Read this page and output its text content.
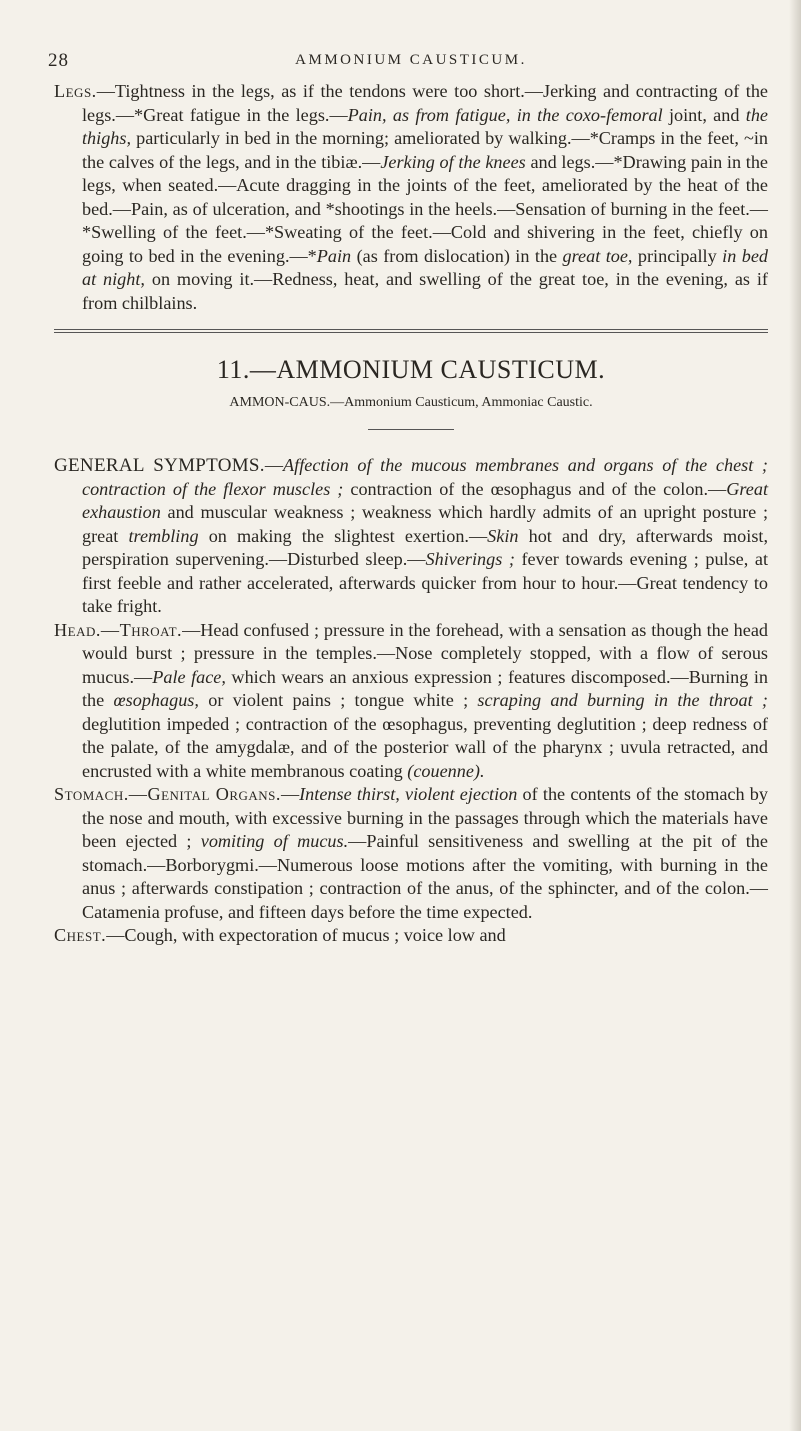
28	AMMONIUM CAUSTICUM.

Legs.—Tightness in the legs, as if the tendons were too short.—Jerking and contracting of the legs.—*Great fatigue in the legs.—Pain, as from fatigue, in the coxo-femoral joint, and the thighs, particularly in bed in the morning; ameliorated by walking.—*Cramps in the feet, ~in the calves of the legs, and in the tibiæ.—Jerking of the knees and legs.—*Drawing pain in the legs, when seated.—Acute dragging in the joints of the feet, ameliorated by the heat of the bed.—Pain, as of ulceration, and *shootings in the heels.—Sensation of burning in the feet.—*Swelling of the feet.—*Sweating of the feet.—Cold and shivering in the feet, chiefly on going to bed in the evening.—*Pain (as from dislocation) in the great toe, principally in bed at night, on moving it.—Redness, heat, and swelling of the great toe, in the evening, as if from chilblains.

11.—AMMONIUM CAUSTICUM.
AMMON-CAUS.—Ammonium Causticum, Ammoniac Caustic.

GENERAL SYMPTOMS.—Affection of the mucous membranes and organs of the chest ; contraction of the flexor muscles ; contraction of the œsophagus and of the colon.—Great exhaustion and muscular weakness ; weakness which hardly admits of an upright posture ; great trembling on making the slightest exertion.—Skin hot and dry, afterwards moist, perspiration supervening.—Disturbed sleep.—Shiverings ; fever towards evening ; pulse, at first feeble and rather accelerated, afterwards quicker from hour to hour.—Great tendency to take fright.

Head.—Throat.—Head confused ; pressure in the forehead, with a sensation as though the head would burst ; pressure in the temples.—Nose completely stopped, with a flow of serous mucus.—Pale face, which wears an anxious expression ; features discomposed.—Burning in the œsophagus, or violent pains ; tongue white ; scraping and burning in the throat ; deglutition impeded ; contraction of the œsophagus, preventing deglutition ; deep redness of the palate, of the amygdalæ, and of the posterior wall of the pharynx ; uvula retracted, and encrusted with a white membranous coating (couenne).

Stomach.—Genital Organs.—Intense thirst, violent ejection of the contents of the stomach by the nose and mouth, with excessive burning in the passages through which the materials have been ejected ; vomiting of mucus.—Painful sensitiveness and swelling at the pit of the stomach.—Borborygmi.—Numerous loose motions after the vomiting, with burning in the anus ; afterwards constipation ; contraction of the anus, of the sphincter, and of the colon.—Catamenia profuse, and fifteen days before the time expected.

Chest.—Cough, with expectoration of mucus ; voice low and
